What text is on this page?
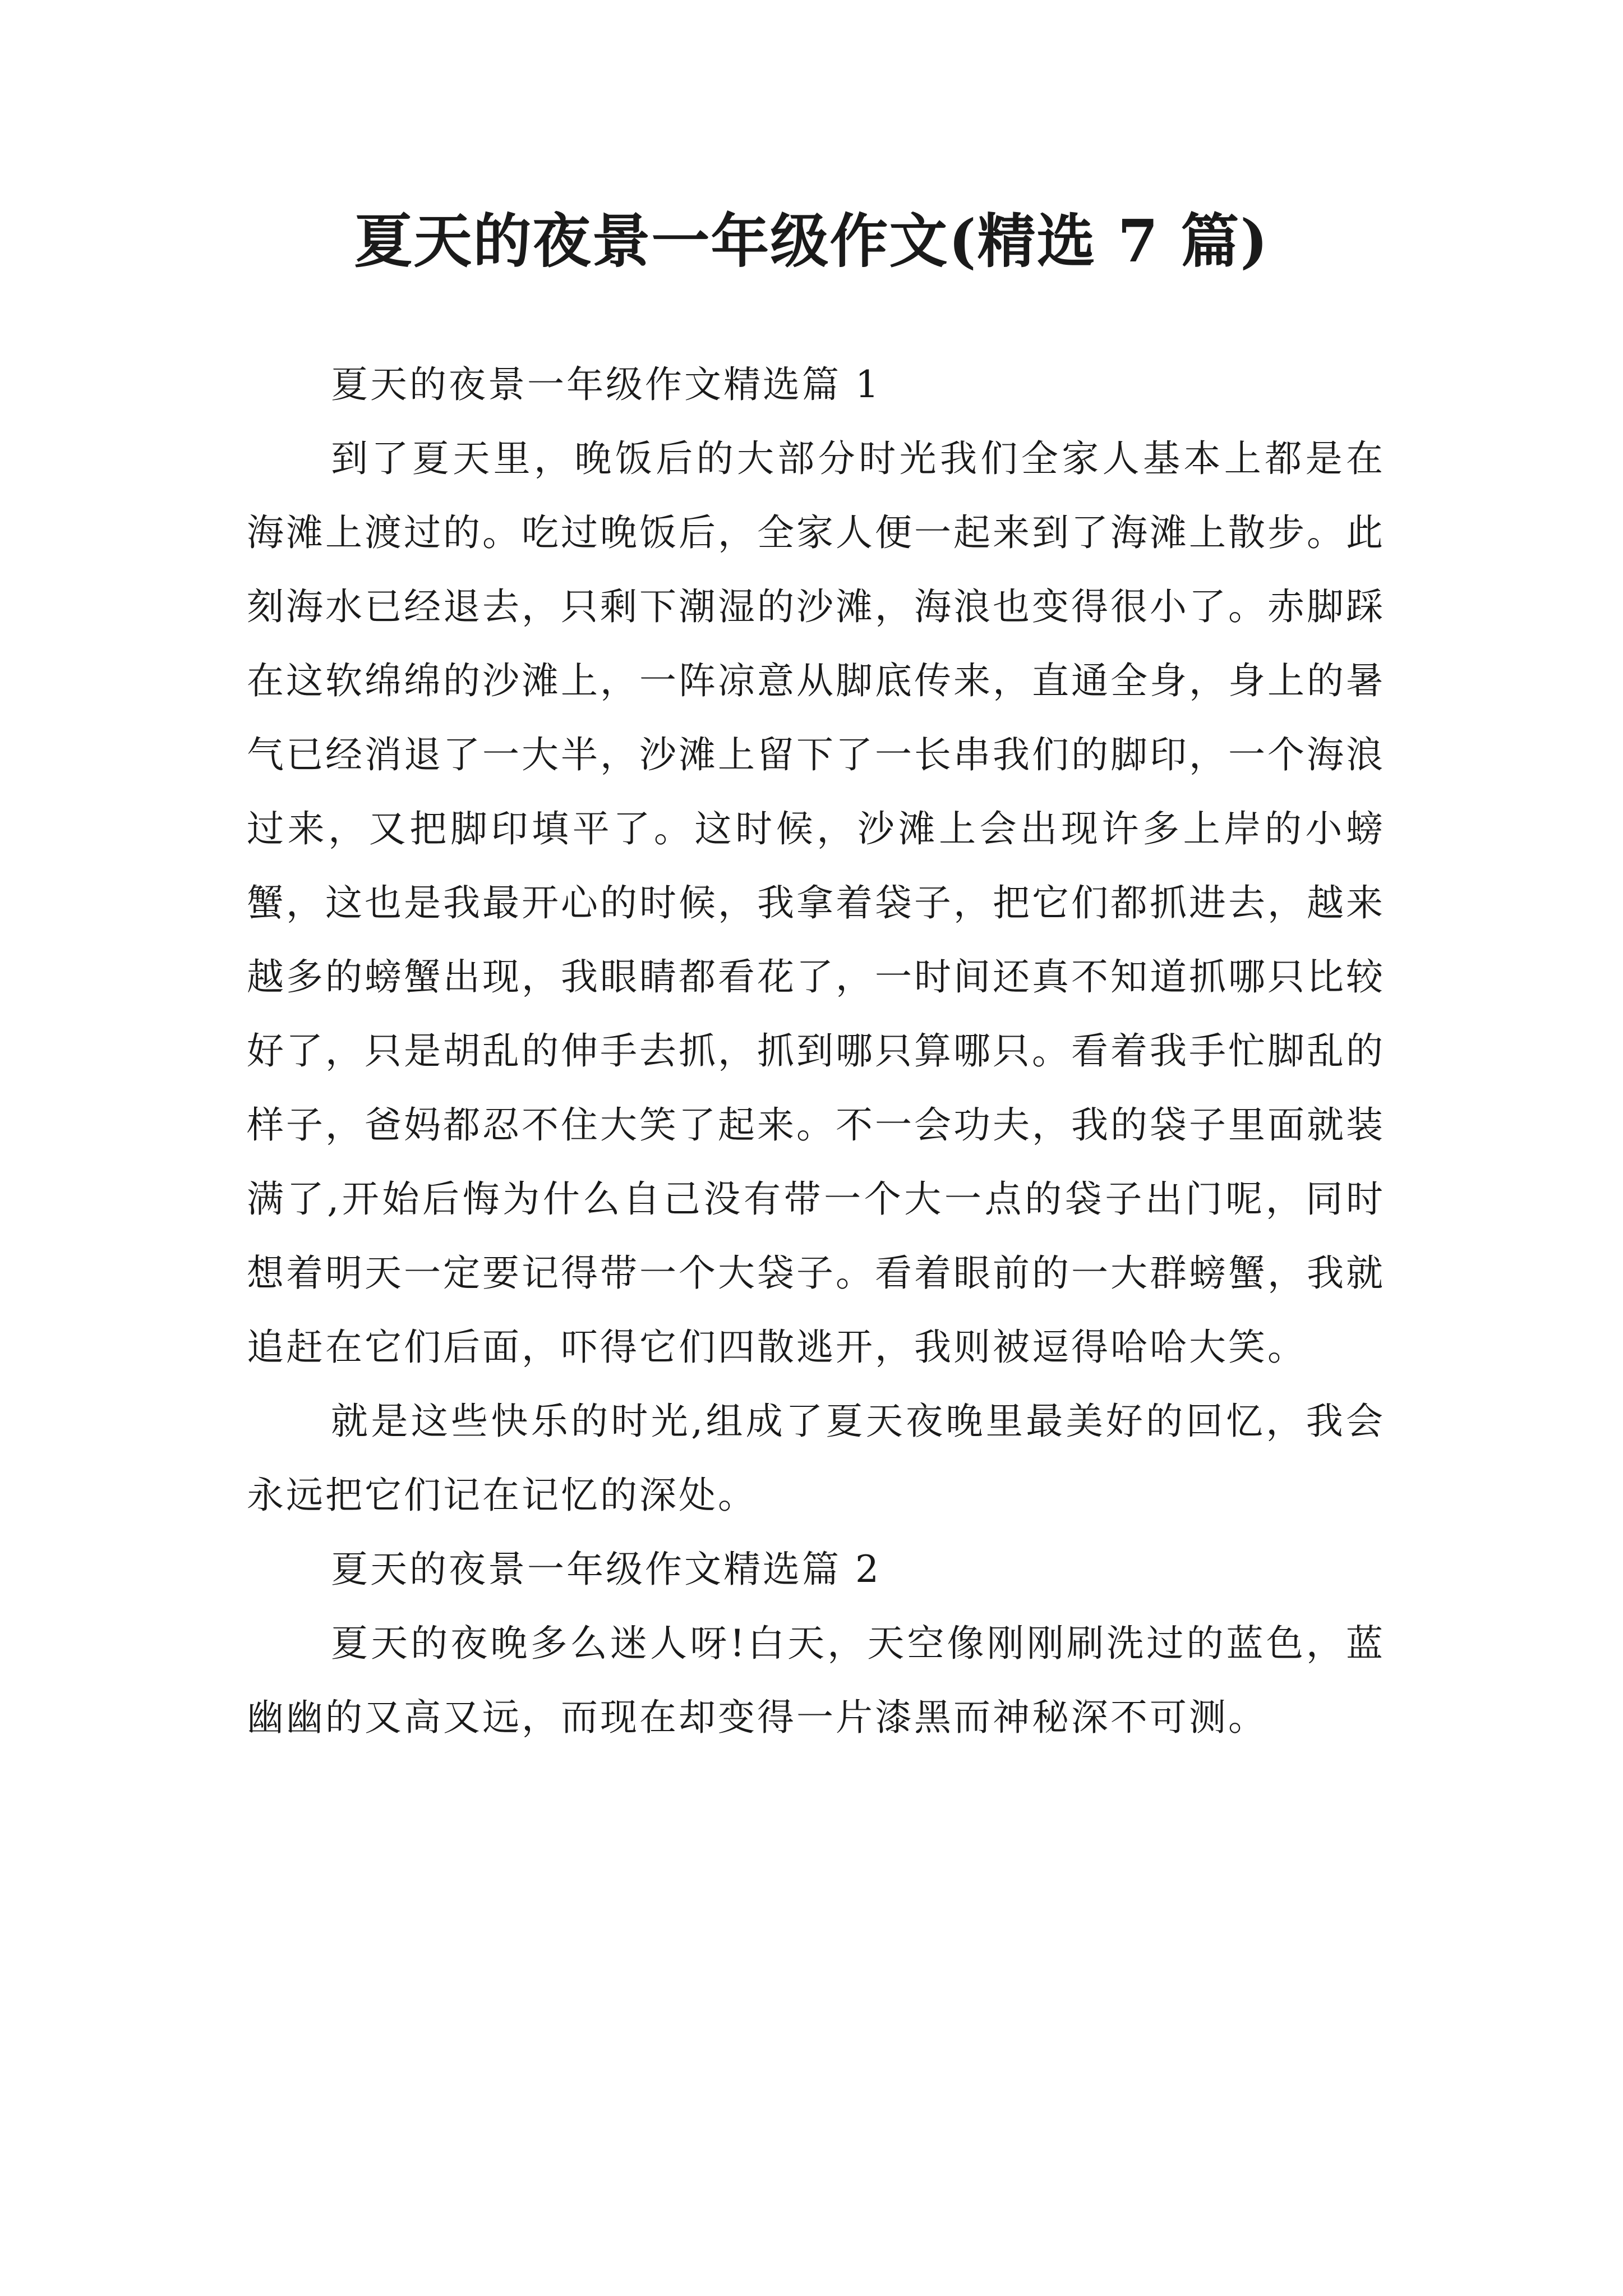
夏天的夜景一年级作文(精选 7 篇)

夏天的夜景一年级作文精选篇 1

到了夏天里，晚饭后的大部分时光我们全家人基本上都是在海滩上渡过的。吃过晚饭后，全家人便一起来到了海滩上散步。此刻海水已经退去，只剩下潮湿的沙滩，海浪也变得很小了。赤脚踩在这软绵绵的沙滩上，一阵凉意从脚底传来，直通全身，身上的暑气已经消退了一大半，沙滩上留下了一长串我们的脚印，一个海浪过来，又把脚印填平了。这时候，沙滩上会出现许多上岸的小螃蟹，这也是我最开心的时候，我拿着袋子，把它们都抓进去，越来越多的螃蟹出现，我眼睛都看花了，一时间还真不知道抓哪只比较好了，只是胡乱的伸手去抓，抓到哪只算哪只。看着我手忙脚乱的样子，爸妈都忍不住大笑了起来。不一会功夫，我的袋子里面就装满了,开始后悔为什么自己没有带一个大一点的袋子出门呢，同时想着明天一定要记得带一个大袋子。看着眼前的一大群螃蟹，我就追赶在它们后面，吓得它们四散逃开，我则被逗得哈哈大笑。

就是这些快乐的时光,组成了夏天夜晚里最美好的回忆，我会永远把它们记在记忆的深处。

夏天的夜景一年级作文精选篇 2

夏天的夜晚多么迷人呀!白天，天空像刚刚刷洗过的蓝色，蓝幽幽的又高又远，而现在却变得一片漆黑而神秘深不可测。
